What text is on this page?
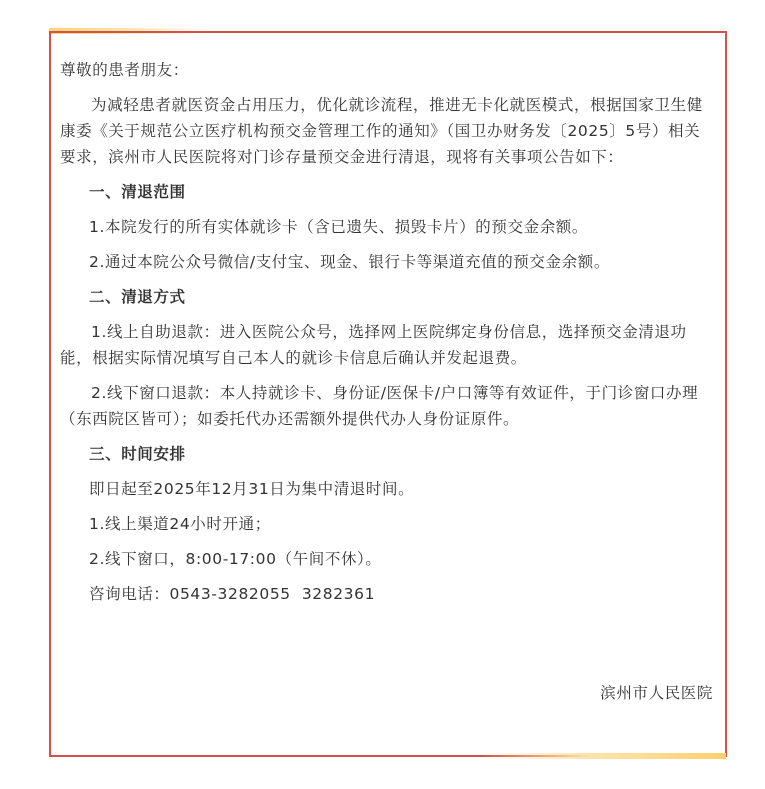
尊敬的患者朋友：

为减轻患者就医资金占用压力，优化就诊流程，推进无卡化就医模式，根据国家卫生健康委《关于规范公立医疗机构预交金管理工作的通知》（国卫办财务发〔2025〕5号）相关要求，滨州市人民医院将对门诊存量预交金进行清退，现将有关事项公告如下：

一、清退范围

1.本院发行的所有实体就诊卡（含已遗失、损毁卡片）的预交金余额。

2.通过本院公众号微信/支付宝、现金、银行卡等渠道充值的预交金余额。

二、清退方式

1.线上自助退款：进入医院公众号，选择网上医院绑定身份信息，选择预交金清退功能，根据实际情况填写自己本人的就诊卡信息后确认并发起退费。

2.线下窗口退款：本人持就诊卡、身份证/医保卡/户口簿等有效证件，于门诊窗口办理（东西院区皆可）；如委托代办还需额外提供代办人身份证原件。

三、时间安排

即日起至2025年12月31日为集中清退时间。

1.线上渠道24小时开通；

2.线下窗口，8:00-17:00（午间不休）。

咨询电话：0543-3282055  3282361

滨州市人民医院
